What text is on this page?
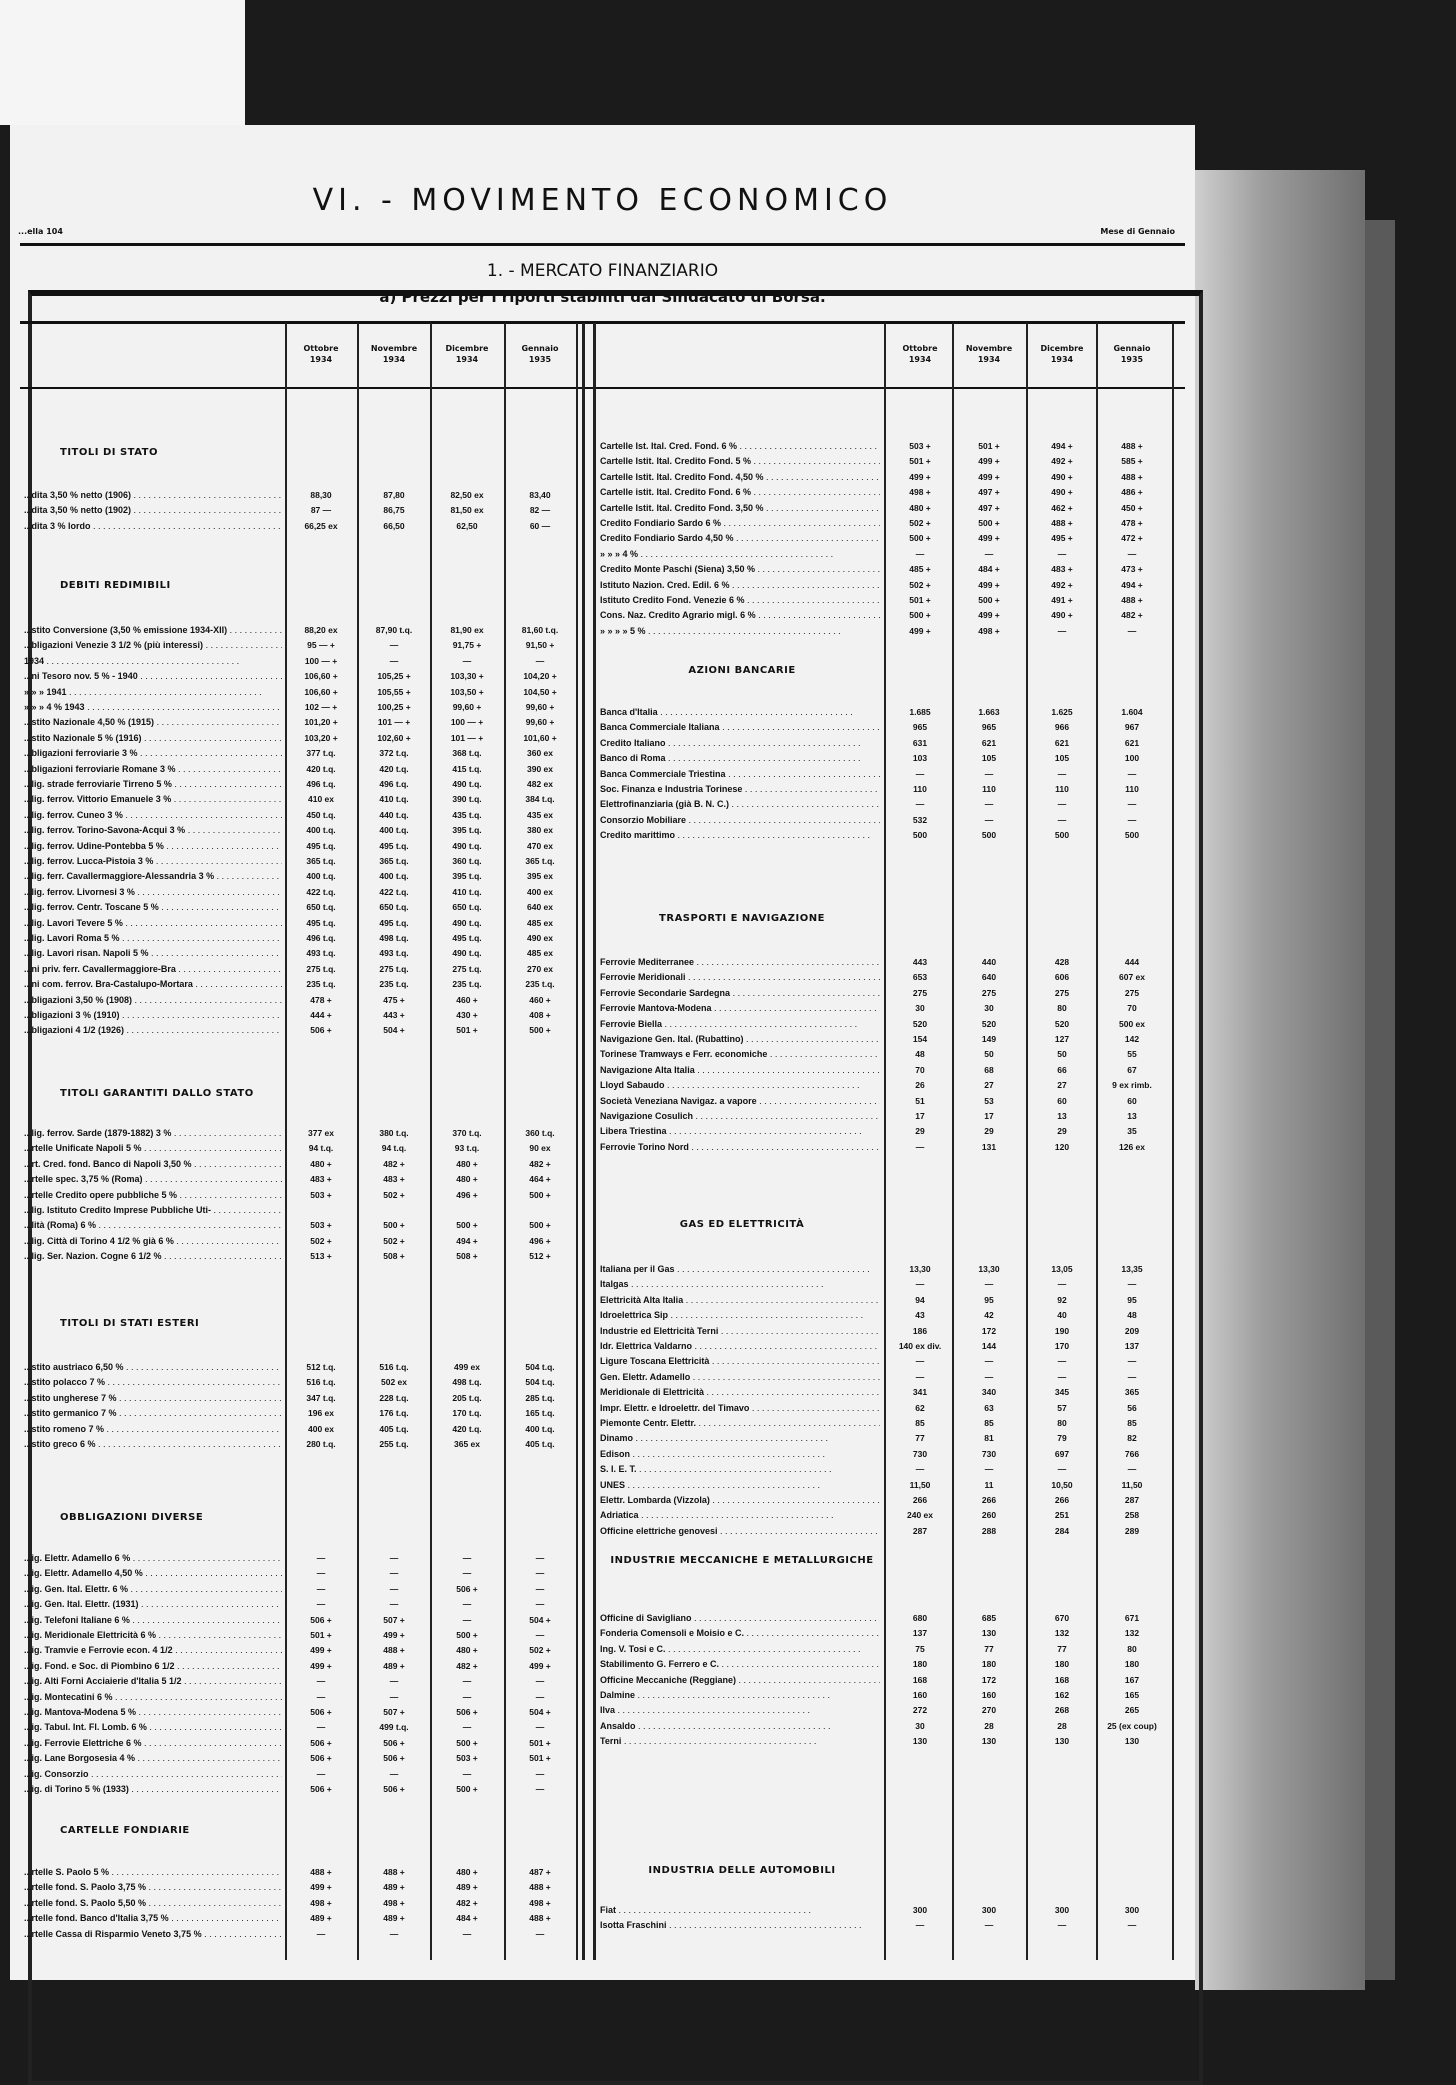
VI. - MOVIMENTO ECONOMICO
...ella 104	Mese di Gennaio
1. - MERCATO FINANZIARIO
a) Prezzi per i riporti stabiliti dal Sindacato di Borsa.
Ottobre
1934
Novembre
1934
Dicembre
1934
Gennaio
1935
Ottobre
1934
Novembre
1934
Dicembre
1934
Gennaio
1935
TITOLI DI STATO
...dita 3,50 % netto (1906) . . .	88,30	87,80	82,50 ex	83,40
...dita 3,50 % netto (1902) . . .	87 —	86,75	81,50 ex	82 —
...dita 3 % lordo . . .	66,25 ex	66,50	62,50	60 —
DEBITI REDIMIBILI
...stito Conversione (3,50 % emissione 1934-XII) . . .	88,20 ex	87,90 t.q.	81,90 ex	81,60 t.q.
...bligazioni Venezie 3 1/2 % (più interessi) . . .	95 — +	—	91,75 +	91,50 +
1934 . . .	100 — +	—	—	—
...ni Tesoro nov. 5 % - 1940 . . .	106,60 +	105,25 +	103,30 +	104,20 +
» » » 1941 . . .	106,60 +	105,55 +	103,50 +	104,50 +
» » » 4 % 1943 . . .	102 — +	100,25 +	99,60 +	99,60 +
...stito Nazionale 4,50 % (1915) . . .	101,20 +	101 — +	100 — +	99,60 +
...stito Nazionale 5 % (1916) . . .	103,20 +	102,60 +	101 — +	101,60 +
...bligazioni ferroviarie 3 % . . .	377 t.q.	372 t.q.	368 t.q.	360 ex
...bligazioni ferroviarie Romane 3 % . . .	420 t.q.	420 t.q.	415 t.q.	390 ex
...lig. strade ferroviarie Tirreno 5 % . . .	496 t.q.	496 t.q.	490 t.q.	482 ex
...lig. ferrov. Vittorio Emanuele 3 % . . .	410 ex	410 t.q.	390 t.q.	384 t.q.
...lig. ferrov. Cuneo 3 % . . .	450 t.q.	440 t.q.	435 t.q.	435 ex
...lig. ferrov. Torino-Savona-Acqui 3 % . . .	400 t.q.	400 t.q.	395 t.q.	380 ex
...lig. ferrov. Udine-Pontebba 5 % . . .	495 t.q.	495 t.q.	490 t.q.	470 ex
...lig. ferrov. Lucca-Pistoia 3 % . . .	365 t.q.	365 t.q.	360 t.q.	365 t.q.
...lig. ferr. Cavallermaggiore-Alessandria 3 % . . .	400 t.q.	400 t.q.	395 t.q.	395 ex
...lig. ferrov. Livornesi 3 % . . .	422 t.q.	422 t.q.	410 t.q.	400 ex
...lig. ferrov. Centr. Toscane 5 % . . .	650 t.q.	650 t.q.	650 t.q.	640 ex
...lig. Lavori Tevere 5 % . . .	495 t.q.	495 t.q.	490 t.q.	485 ex
...lig. Lavori Roma 5 % . . .	496 t.q.	498 t.q.	495 t.q.	490 ex
...lig. Lavori risan. Napoli 5 % . . .	493 t.q.	493 t.q.	490 t.q.	485 ex
...ni priv. ferr. Cavallermaggiore-Bra . . .	275 t.q.	275 t.q.	275 t.q.	270 ex
...ni com. ferrov. Bra-Castalupo-Mortara . . .	235 t.q.	235 t.q.	235 t.q.	235 t.q.
...bligazioni 3,50 % (1908) . . .	478 +	475 +	460 +	460 +
...bligazioni 3 % (1910) . . .	444 +	443 +	430 +	408 +
...bligazioni 4 1/2 (1926) . . .	506 +	504 +	501 +	500 +
TITOLI GARANTITI DALLO STATO
...lig. ferrov. Sarde (1879-1882) 3 % . . .	377 ex	380 t.q.	370 t.q.	360 t.q.
...rtelle Unificate Napoli 5 % . . .	94 t.q.	94 t.q.	93 t.q.	90 ex
...rt. Cred. fond. Banco di Napoli 3,50 % . . .	480 +	482 +	480 +	482 +
...rtelle spec. 3,75 % (Roma) . . .	483 +	483 +	480 +	464 +
...rtelle Credito opere pubbliche 5 % . . .	503 +	502 +	496 +	500 +
...lig. Istituto Credito Imprese Pubbliche Uti- . . .
...lità (Roma) 6 % . . .	503 +	500 +	500 +	500 +
...lig. Città di Torino 4 1/2 % già 6 % . . .	502 +	502 +	494 +	496 +
...lig. Ser. Nazion. Cogne 6 1/2 % . . .	513 +	508 +	508 +	512 +
TITOLI DI STATI ESTERI
...stito austriaco 6,50 % . . .	512 t.q.	516 t.q.	499 ex	504 t.q.
...stito polacco 7 % . . .	516 t.q.	502 ex	498 t.q.	504 t.q.
...stito ungherese 7 % . . .	347 t.q.	228 t.q.	205 t.q.	285 t.q.
...stito germanico 7 % . . .	196 ex	176 t.q.	170 t.q.	165 t.q.
...stito romeno 7 % . . .	400 ex	405 t.q.	420 t.q.	400 t.q.
...stito greco 6 % . . .	280 t.q.	255 t.q.	365 ex	405 t.q.
OBBLIGAZIONI DIVERSE
...ig. Elettr. Adamello 6 % . . .	—	—	—	—
...ig. Elettr. Adamello 4,50 % . . .	—	—	—	—
...ig. Gen. Ital. Elettr. 6 % . . .	—	—	506 +	—
...ig. Gen. Ital. Elettr. (1931) . . .	—	—	—	—
...ig. Telefoni Italiane 6 % . . .	506 +	507 +	—	504 +
...ig. Meridionale Elettricità 6 % . . .	501 +	499 +	500 +	—
...ig. Tramvie e Ferrovie econ. 4 1/2 . . .	499 +	488 +	480 +	502 +
...ig. Fond. e Soc. di Piombino 6 1/2 . . .	499 +	489 +	482 +	499 +
...ig. Alti Forni Acciaierie d'Italia 5 1/2 . . .	—	—	—	—
...ig. Montecatini 6 % . . .	—	—	—	—
...ig. Mantova-Modena 5 % . . .	506 +	507 +	506 +	504 +
...ig. Tabul. Int. Fl. Lomb. 6 % . . .	—	499 t.q.	—	—
...ig. Ferrovie Elettriche 6 % . . .	506 +	506 +	500 +	501 +
...ig. Lane Borgosesia 4 % . . .	506 +	506 +	503 +	501 +
...ig. Consorzio . . .	—	—	—	—
...ig. di Torino 5 % (1933) . . .	506 +	506 +	500 +	—
CARTELLE FONDIARIE
...rtelle S. Paolo 5 % . . .	488 +	488 +	480 +	487 +
...rtelle fond. S. Paolo 3,75 % . . .	499 +	489 +	489 +	488 +
...rtelle fond. S. Paolo 5,50 % . . .	498 +	498 +	482 +	498 +
...rtelle fond. Banco d'Italia 3,75 % . . .	489 +	489 +	484 +	488 +
...rtelle Cassa di Risparmio Veneto 3,75 % . . .	—	—	—	—
Cartelle Ist. Ital. Cred. Fond. 6 % . . .	503 +	501 +	494 +	488 +
Cartelle Istit. Ital. Credito Fond. 5 % . . .	501 +	499 +	492 +	585 +
Cartelle Istit. Ital. Credito Fond. 4,50 % . . .	499 +	499 +	490 +	488 +
Cartelle istit. Ital. Credito Fond. 6 % . . .	498 +	497 +	490 +	486 +
Cartelle Istit. Ital. Credito Fond. 3,50 % . . .	480 +	497 +	462 +	450 +
Credito Fondiario Sardo 6 % . . .	502 +	500 +	488 +	478 +
Credito Fondiario Sardo 4,50 % . . .	500 +	499 +	495 +	472 +
» » » 4 % . . .	—	—	—	—
Credito Monte Paschi (Siena) 3,50 % . . .	485 +	484 +	483 +	473 +
Istituto Nazion. Cred. Edil. 6 % . . .	502 +	499 +	492 +	494 +
Istituto Credito Fond. Venezie 6 % . . .	501 +	500 +	491 +	488 +
Cons. Naz. Credito Agrario migl. 6 % . . .	500 +	499 +	490 +	482 +
» » » » 5 % . . .	499 +	498 +	—	—
AZIONI BANCARIE
Banca d'Italia . . .	1.685	1.663	1.625	1.604
Banca Commerciale Italiana . . .	965	965	966	967
Credito Italiano . . .	631	621	621	621
Banco di Roma . . .	103	105	105	100
Banca Commerciale Triestina . . .	—	—	—	—
Soc. Finanza e Industria Torinese . . .	110	110	110	110
Elettrofinanziaria (già B. N. C.) . . .	—	—	—	—
Consorzio Mobiliare . . .	532	—	—	—
Credito marittimo . . .	500	500	500	500
TRASPORTI E NAVIGAZIONE
Ferrovie Mediterranee . . .	443	440	428	444
Ferrovie Meridionali . . .	653	640	606	607 ex
Ferrovie Secondarie Sardegna . . .	275	275	275	275
Ferrovie Mantova-Modena . . .	30	30	80	70
Ferrovie Biella . . .	520	520	520	500 ex
Navigazione Gen. Ital. (Rubattino) . . .	154	149	127	142
Torinese Tramways e Ferr. economiche . . .	48	50	50	55
Navigazione Alta Italia . . .	70	68	66	67
Lloyd Sabaudo . . .	26	27	27	9 ex rimb.
Società Veneziana Navigaz. a vapore . . .	51	53	60	60
Navigazione Cosulich . . .	17	17	13	13
Libera Triestina . . .	29	29	29	35
Ferrovie Torino Nord . . .	—	131	120	126 ex
GAS ED ELETTRICITÀ
Italiana per il Gas . . .	13,30	13,30	13,05	13,35
Italgas . . .	—	—	—	—
Elettricità Alta Italia . . .	94	95	92	95
Idroelettrica Sip . . .	43	42	40	48
Industrie ed Elettricità Terni . . .	186	172	190	209
Idr. Elettrica Valdarno . . .	140 ex div.	144	170	137
Ligure Toscana Elettricità . . .	—	—	—	—
Gen. Elettr. Adamello . . .	—	—	—	—
Meridionale di Elettricità . . .	341	340	345	365
Impr. Elettr. e Idroelettr. del Timavo . . .	62	63	57	56
Piemonte Centr. Elettr. . . .	85	85	80	85
Dinamo . . .	77	81	79	82
Edison . . .	730	730	697	766
S. I. E. T. . . .	—	—	—	—
UNES . . .	11,50	11	10,50	11,50
Elettr. Lombarda (Vizzola) . . .	266	266	266	287
Adriatica . . .	240 ex	260	251	258
Officine elettriche genovesi . . .	287	288	284	289
INDUSTRIE MECCANICHE E METALLURGICHE
Officine di Savigliano . . .	680	685	670	671
Fonderia Comensoli e Moisio e C. . . .	137	130	132	132
Ing. V. Tosi e C. . . .	75	77	77	80
Stabilimento G. Ferrero e C. . . .	180	180	180	180
Officine Meccaniche (Reggiane) . . .	168	172	168	167
Dalmine . . .	160	160	162	165
Ilva . . .	272	270	268	265
Ansaldo . . .	30	28	28	25 (ex coup)
Terni . . .	130	130	130	130
INDUSTRIA DELLE AUTOMOBILI
Fiat . . .	300	300	300	300
Isotta Fraschini . . .	—	—	—	—
